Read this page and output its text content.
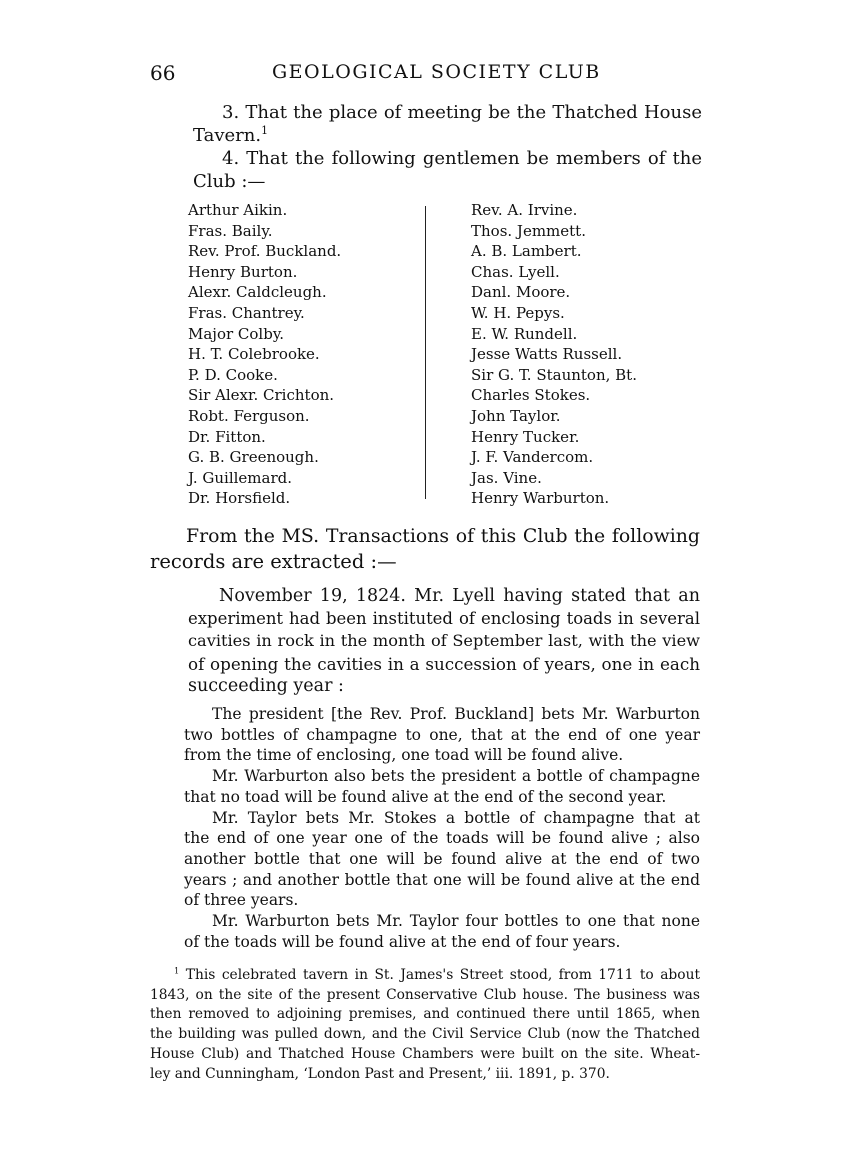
66	GEOLOGICAL SOCIETY CLUB
3. That the place of meeting be the Thatched House
Tavern.$^1$
4. That the following gentlemen be members of the
Club :—
Arthur Aikin.
Fras. Baily.
Rev. Prof. Buckland.
Henry Burton.
Alexr. Caldcleugh.
Fras. Chantrey.
Major Colby.
H. T. Colebrooke.
P. D. Cooke.
Sir Alexr. Crichton.
Robt. Ferguson.
Dr. Fitton.
G. B. Greenough.
J. Guillemard.
Dr. Horsfield.
Rev. A. Irvine.
Thos. Jemmett.
A. B. Lambert.
Chas. Lyell.
Danl. Moore.
W. H. Pepys.
E. W. Rundell.
Jesse Watts Russell.
Sir G. T. Staunton, Bt.
Charles Stokes.
John Taylor.
Henry Tucker.
J. F. Vandercom.
Jas. Vine.
Henry Warburton.
From the MS. Transactions of this Club the following
records are extracted :—
November 19, 1824. Mr. Lyell having stated that an
experiment had been instituted of enclosing toads in several
cavities in rock in the month of September last, with the view
of opening the cavities in a succession of years, one in each
succeeding year :
The president [the Rev. Prof. Buckland] bets Mr. Warburton
two bottles of champagne to one, that at the end of one year
from the time of enclosing, one toad will be found alive.
Mr. Warburton also bets the president a bottle of champagne
that no toad will be found alive at the end of the second year.
Mr. Taylor bets Mr. Stokes a bottle of champagne that at
the end of one year one of the toads will be found alive ; also
another bottle that one will be found alive at the end of two
years ; and another bottle that one will be found alive at the end
of three years.
Mr. Warburton bets Mr. Taylor four bottles to one that none
of the toads will be found alive at the end of four years.
$^1$ This celebrated tavern in St. James's Street stood, from 1711 to about
1843, on the site of the present Conservative Club house. The business was
then removed to adjoining premises, and continued there until 1865, when
the building was pulled down, and the Civil Service Club (now the Thatched
House Club) and Thatched House Chambers were built on the site. Wheat-
ley and Cunningham, ‘London Past and Present,’ iii. 1891, p. 370.
